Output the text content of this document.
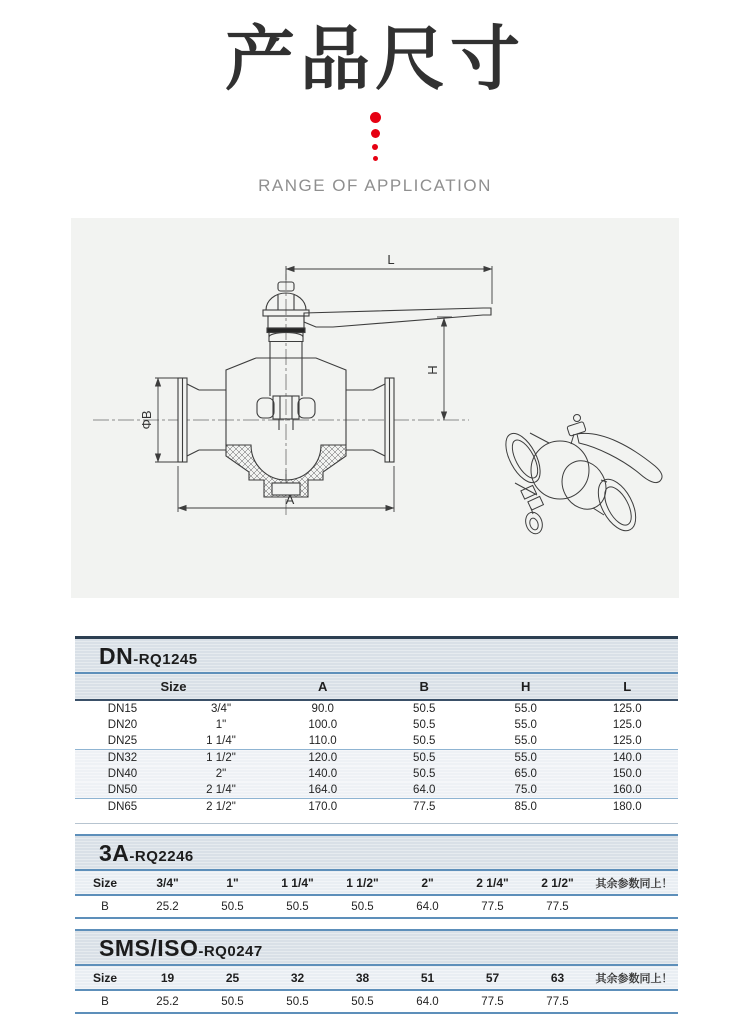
产品尺寸
RANGE OF APPLICATION
L
H
ΦB
A
DN -RQ1245
Size	A	B	H	L
DN15	3/4"	90.0	50.5	55.0	125.0
DN20	1"	100.0	50.5	55.0	125.0
DN25	1 1/4"	110.0	50.5	55.0	125.0
DN32	1 1/2"	120.0	50.5	55.0	140.0
DN40	2"	140.0	50.5	65.0	150.0
DN50	2 1/4"	164.0	64.0	75.0	160.0
DN65	2 1/2"	170.0	77.5	85.0	180.0
3A -RQ2246
Size	3/4"	1"	1 1/4"	1 1/2"	2"	2 1/4"	2 1/2"	其余参数同上！
B	25.2	50.5	50.5	50.5	64.0	77.5	77.5
SMS/ISO -RQ0247
Size	19	25	32	38	51	57	63	其余参数同上！
B	25.2	50.5	50.5	50.5	64.0	77.5	77.5
